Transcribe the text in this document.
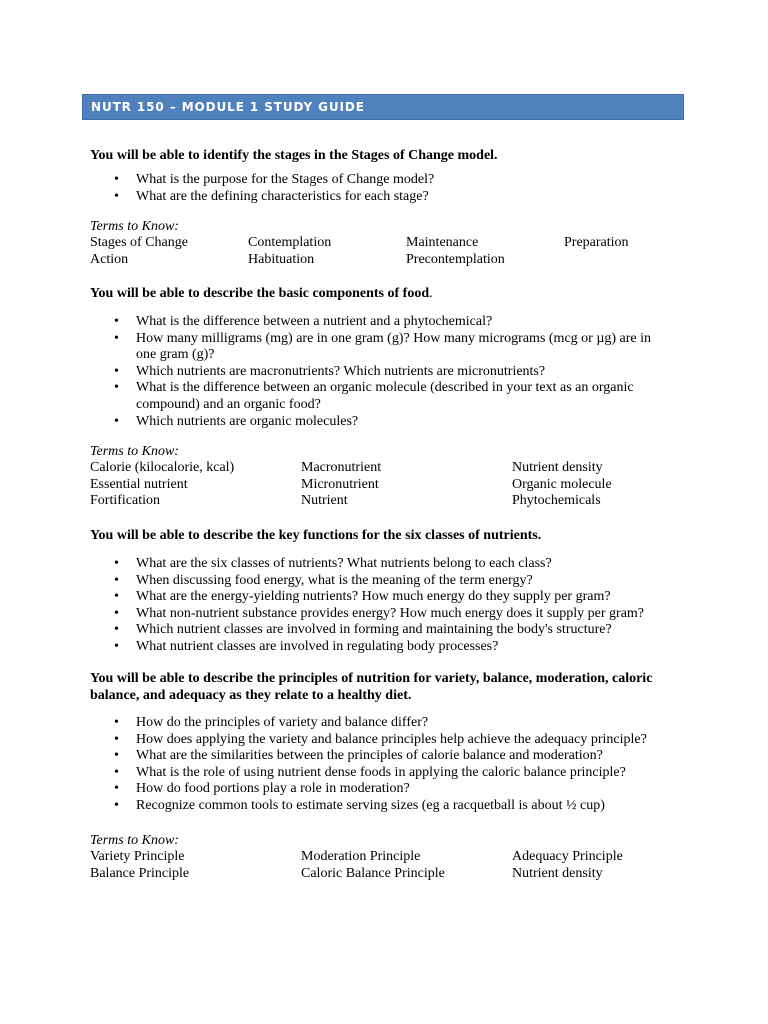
NUTR 150 – MODULE 1 STUDY GUIDE
You will be able to identify the stages in the Stages of Change model.
• What is the purpose for the Stages of Change model?
• What are the defining characteristics for each stage?
Terms to Know:
Stages of Change	Contemplation	Maintenance	Preparation
Action	Habituation	Precontemplation
You will be able to describe the basic components of food.
• What is the difference between a nutrient and a phytochemical?
• How many milligrams (mg) are in one gram (g)? How many micrograms (mcg or µg) are in one gram (g)?
• Which nutrients are macronutrients? Which nutrients are micronutrients?
• What is the difference between an organic molecule (described in your text as an organic compound) and an organic food?
• Which nutrients are organic molecules?
Terms to Know:
Calorie (kilocalorie, kcal)	Macronutrient	Nutrient density
Essential nutrient	Micronutrient	Organic molecule
Fortification	Nutrient	Phytochemicals
You will be able to describe the key functions for the six classes of nutrients.
• What are the six classes of nutrients? What nutrients belong to each class?
• When discussing food energy, what is the meaning of the term energy?
• What are the energy-yielding nutrients? How much energy do they supply per gram?
• What non-nutrient substance provides energy? How much energy does it supply per gram?
• Which nutrient classes are involved in forming and maintaining the body's structure?
• What nutrient classes are involved in regulating body processes?
You will be able to describe the principles of nutrition for variety, balance, moderation, caloric balance, and adequacy as they relate to a healthy diet.
• How do the principles of variety and balance differ?
• How does applying the variety and balance principles help achieve the adequacy principle?
• What are the similarities between the principles of calorie balance and moderation?
• What is the role of using nutrient dense foods in applying the caloric balance principle?
• How do food portions play a role in moderation?
• Recognize common tools to estimate serving sizes (eg a racquetball is about ½ cup)
Terms to Know:
Variety Principle	Moderation Principle	Adequacy Principle
Balance Principle	Caloric Balance Principle	Nutrient density
